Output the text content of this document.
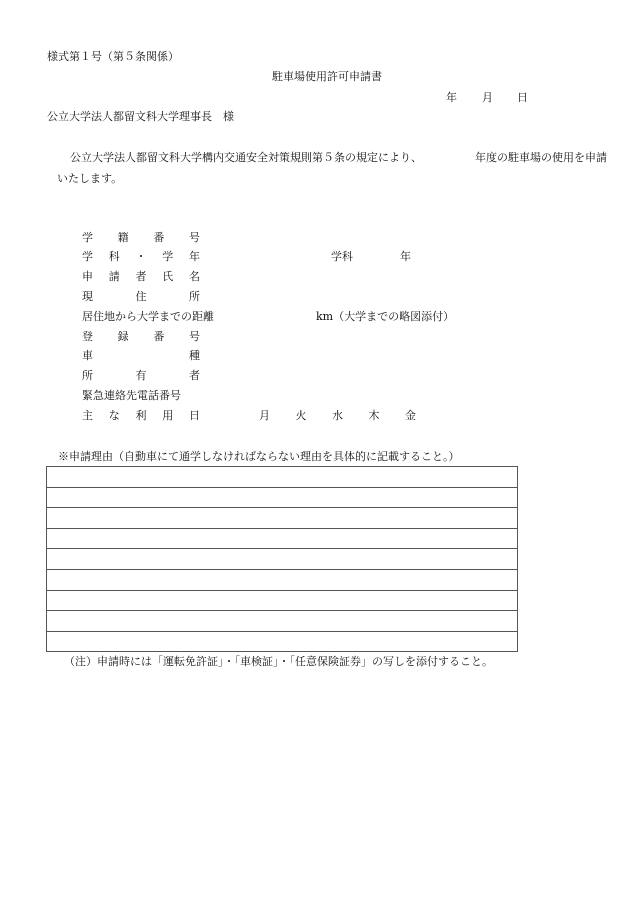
様式第１号（第５条関係）
駐車場使用許可申請書
年 月 日
公立大学法人都留文科大学理事長　様
公立大学法人都留文科大学構内交通安全対策規則第５条の規定により、	年度の駐車場の使用を申請
いたします。
学 籍 番 号
学 科 ・ 学 年	学科	年
申 請 者 氏 名
現	住	所
居住地から大学までの距離	km（大学までの略図添付）
登 録 番 号
車	種
所	有	者
緊急連絡先電話番号
主 な 利 用 日	月	火	水	木	金
※申請理由（自動車にて通学しなければならない理由を具体的に記載すること。）

（注）申請時には「運転免許証」・「車検証」・「任意保険証券」の写しを添付すること。
